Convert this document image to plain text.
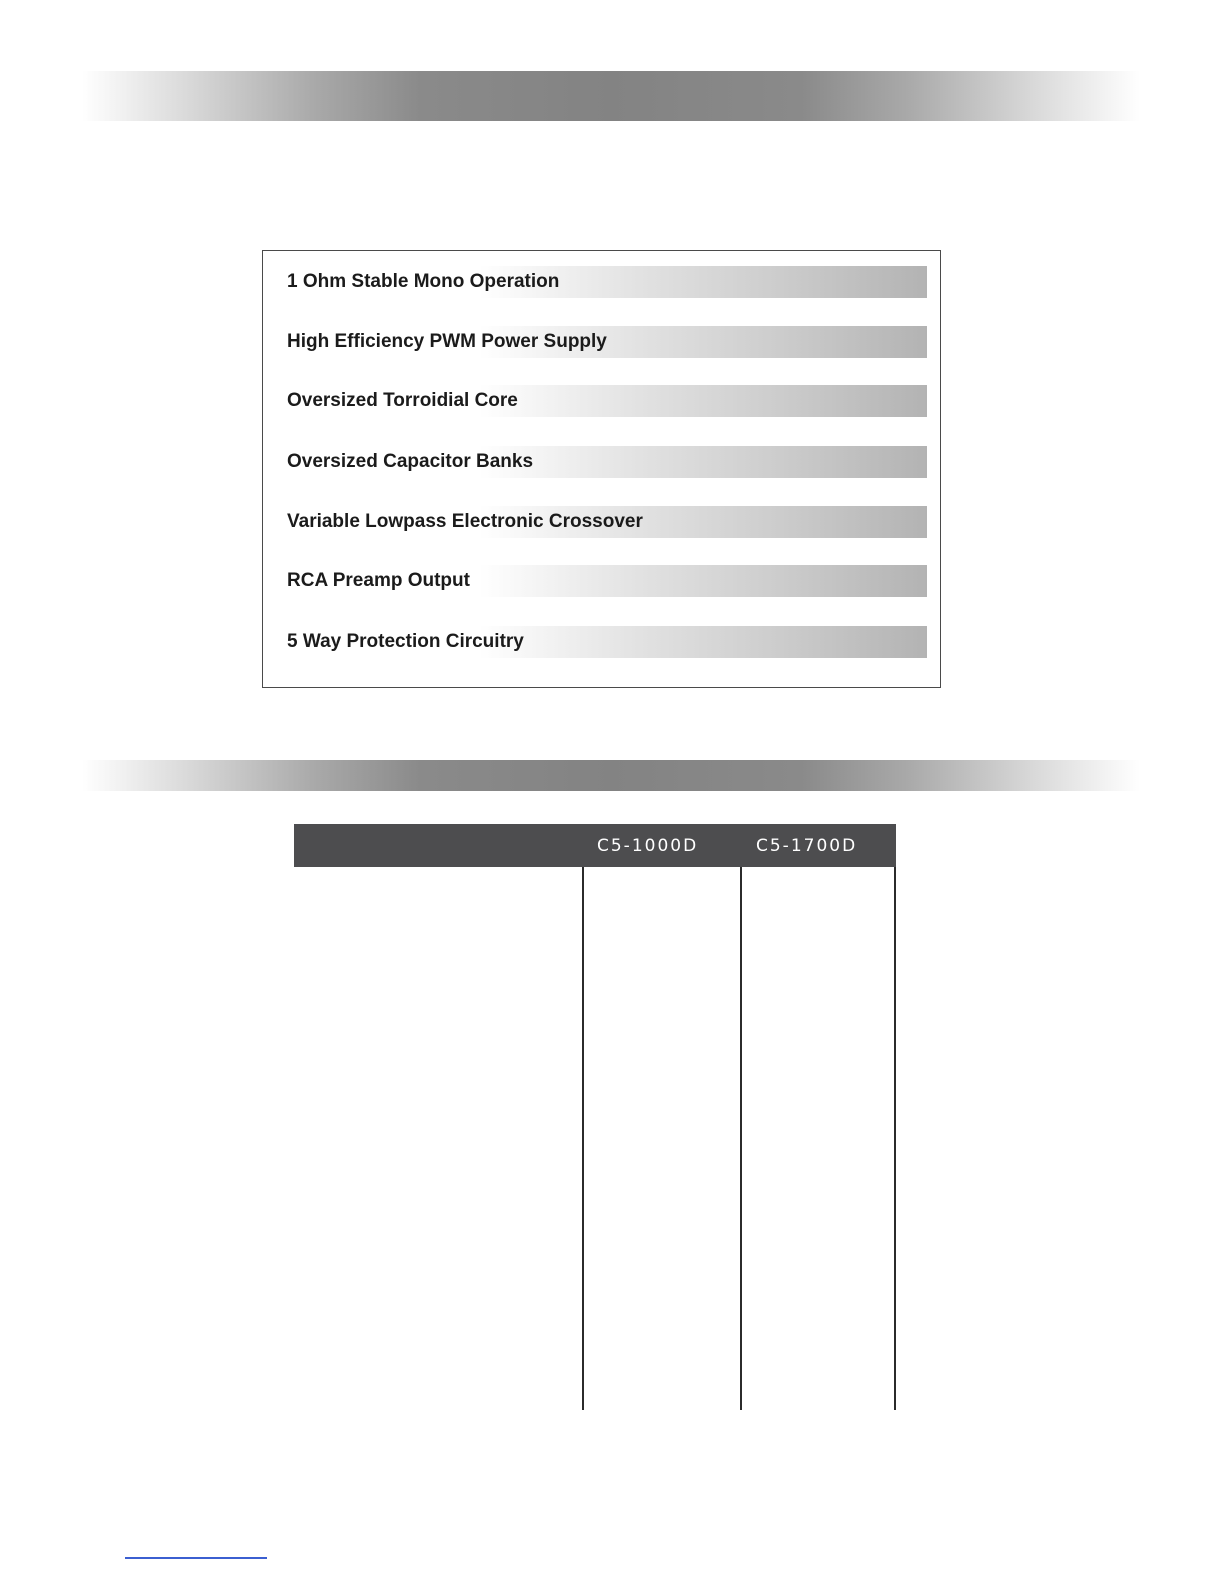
1 Ohm Stable Mono Operation
High Efficiency PWM Power Supply
Oversized Torroidial Core
Oversized Capacitor Banks
Variable Lowpass Electronic Crossover
RCA Preamp Output
5 Way Protection Circuitry
C5-1000D	C5-1700D
